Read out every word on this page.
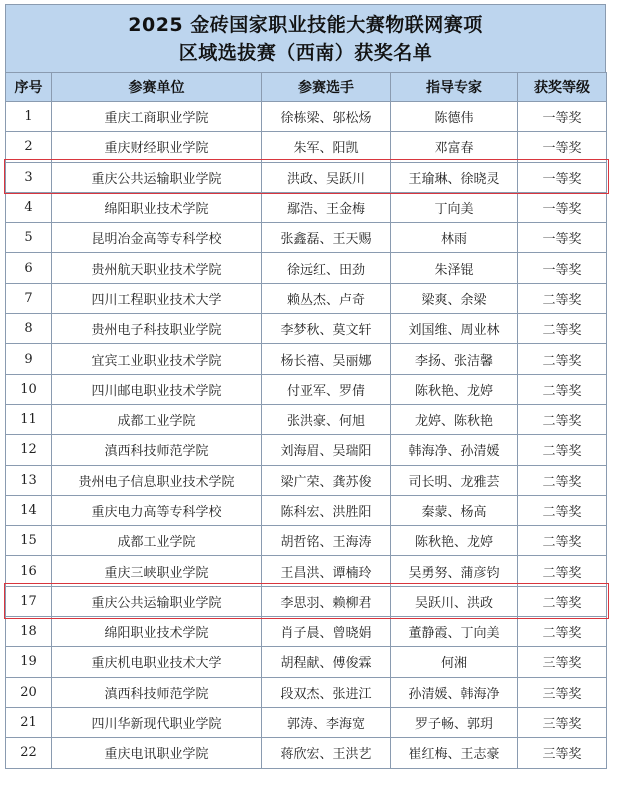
2025 金砖国家职业技能大赛物联网赛项
区域选拔赛（西南）获奖名单
序号	参赛单位	参赛选手	指导专家	获奖等级
1	重庆工商职业学院	徐栋梁、邬松炀	陈德伟	一等奖
2	重庆财经职业学院	朱军、阳凯	邓富春	一等奖
3	重庆公共运输职业学院	洪政、吴跃川	王瑜琳、徐晓灵	一等奖
4	绵阳职业技术学院	鄢浩、王金梅	丁向美	一等奖
5	昆明冶金高等专科学校	张鑫磊、王天赐	林雨	一等奖
6	贵州航天职业技术学院	徐远红、田劲	朱泽锟	一等奖
7	四川工程职业技术大学	赖丛杰、卢奇	梁爽、余梁	二等奖
8	贵州电子科技职业学院	李梦秋、莫文轩	刘国维、周业林	二等奖
9	宜宾工业职业技术学院	杨长禧、吴丽娜	李扬、张洁馨	二等奖
10	四川邮电职业技术学院	付亚军、罗倩	陈秋艳、龙婷	二等奖
11	成都工业学院	张洪豪、何旭	龙婷、陈秋艳	二等奖
12	滇西科技师范学院	刘海眉、吴瑞阳	韩海净、孙清媛	二等奖
13	贵州电子信息职业技术学院	梁广荣、龚苏俊	司长明、龙雅芸	二等奖
14	重庆电力高等专科学校	陈科宏、洪胜阳	秦蒙、杨高	二等奖
15	成都工业学院	胡哲铭、王海涛	陈秋艳、龙婷	二等奖
16	重庆三峡职业学院	王昌洪、谭楠玲	吴勇努、蒲彦钧	二等奖
17	重庆公共运输职业学院	李思羽、赖柳君	吴跃川、洪政	二等奖
18	绵阳职业技术学院	肖子晨、曾晓娟	董静霞、丁向美	二等奖
19	重庆机电职业技术大学	胡程献、傅俊霖	何湘	三等奖
20	滇西科技师范学院	段双杰、张进江	孙清媛、韩海净	三等奖
21	四川华新现代职业学院	郭涛、李海宽	罗子畅、郭玥	三等奖
22	重庆电讯职业学院	蒋欣宏、王洪艺	崔红梅、王志豪	三等奖
